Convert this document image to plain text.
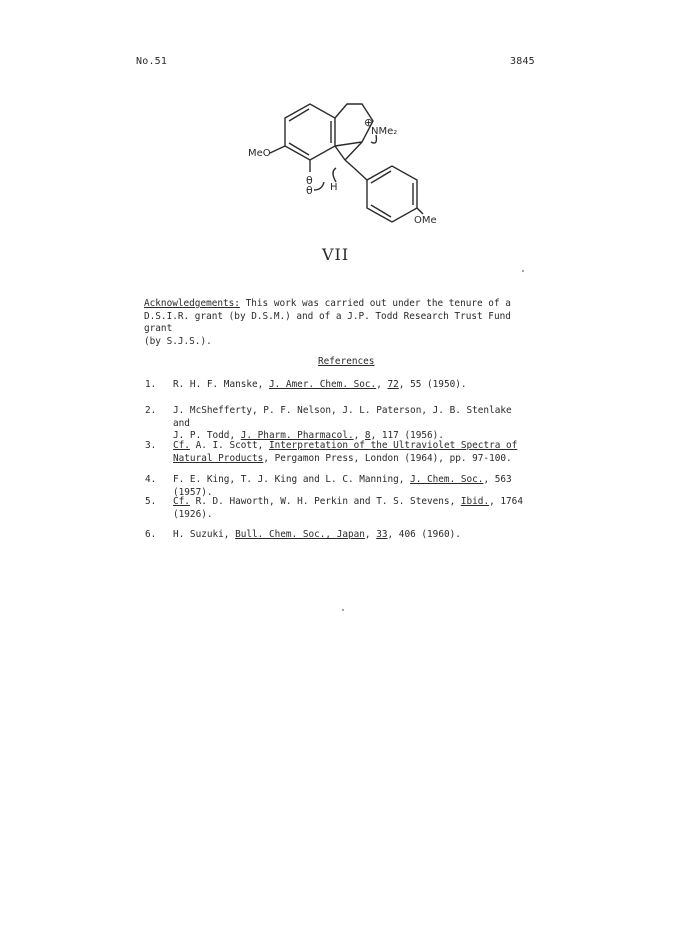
No.51	3845
MeO
NMe₂
⊕
θ
θ H
OMe
VII
Acknowledgements: This work was carried out under the tenure of a
D.S.I.R. grant (by D.S.M.) and of a J.P. Todd Research Trust Fund grant
(by S.J.S.).
References
1. R. H. F. Manske, J. Amer. Chem. Soc., 72, 55 (1950).
2. J. McShefferty, P. F. Nelson, J. L. Paterson, J. B. Stenlake and
J. P. Todd, J. Pharm. Pharmacol., 8, 117 (1956).
3. Cf. A. I. Scott, Interpretation of the Ultraviolet Spectra of
Natural Products, Pergamon Press, London (1964), pp. 97-100.
4. F. E. King, T. J. King and L. C. Manning, J. Chem. Soc., 563 (1957).
5. Cf. R. D. Haworth, W. H. Perkin and T. S. Stevens, Ibid., 1764
(1926).
6. H. Suzuki, Bull. Chem. Soc., Japan, 33, 406 (1960).
